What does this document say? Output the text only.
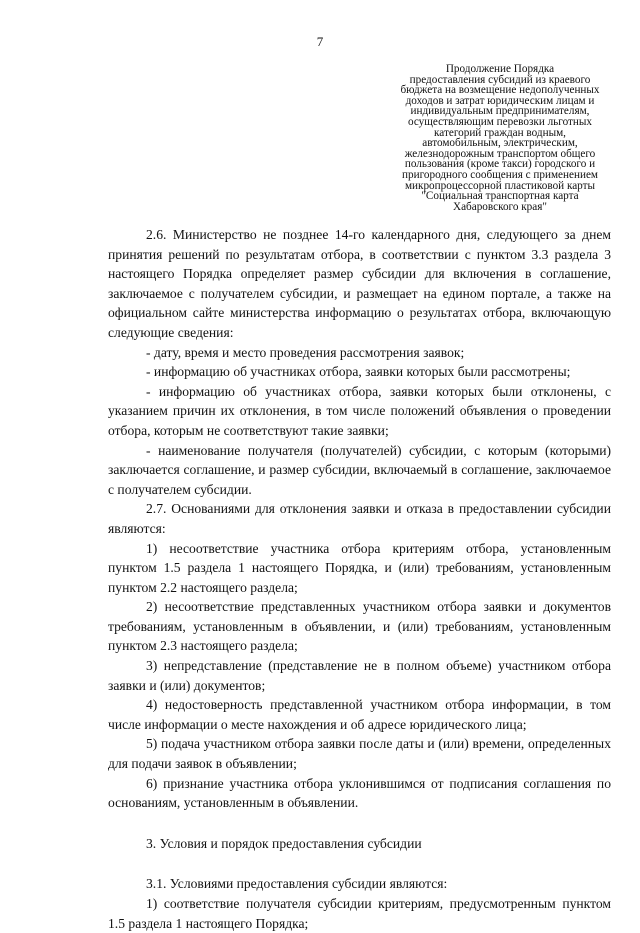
7
Продолжение Порядка
предоставления субсидий из краевого
бюджета на возмещение недополученных
доходов и затрат юридическим лицам и
индивидуальным предпринимателям,
осуществляющим перевозки льготных
категорий граждан водным,
автомобильным, электрическим,
железнодорожным транспортом общего
пользования (кроме такси) городского и
пригородного сообщения с применением
микропроцессорной пластиковой карты
"Социальная транспортная карта
Хабаровского края"

2.6. Министерство не позднее 14-го календарного дня, следующего за днем принятия решений по результатам отбора, в соответствии с пунктом 3.3 раздела 3 настоящего Порядка определяет размер субсидии для включения в соглашение, заключаемое с получателем субсидии, и размещает на едином портале, а также на официальном сайте министерства информацию о результатах отбора, включающую следующие сведения:

- дату, время и место проведения рассмотрения заявок;

- информацию об участниках отбора, заявки которых были рассмотрены;

- информацию об участниках отбора, заявки которых были отклонены, с указанием причин их отклонения, в том числе положений объявления о проведении отбора, которым не соответствуют такие заявки;

- наименование получателя (получателей) субсидии, с которым (которыми) заключается соглашение, и размер субсидии, включаемый в соглашение, заключаемое с получателем субсидии.

2.7. Основаниями для отклонения заявки и отказа в предоставлении субсидии являются:

1) несоответствие участника отбора критериям отбора, установленным пунктом 1.5 раздела 1 настоящего Порядка, и (или) требованиям, установленным пунктом 2.2 настоящего раздела;

2) несоответствие представленных участником отбора заявки и документов требованиям, установленным в объявлении, и (или) требованиям, установленным пунктом 2.3 настоящего раздела;

3) непредставление (представление не в полном объеме) участником отбора заявки и (или) документов;

4) недостоверность представленной участником отбора информации, в том числе информации о месте нахождения и об адресе юридического лица;

5) подача участником отбора заявки после даты и (или) времени, определенных для подачи заявок в объявлении;

6) признание участника отбора уклонившимся от подписания соглашения по основаниям, установленным в объявлении.

3. Условия и порядок предоставления субсидии

3.1. Условиями предоставления субсидии являются:

1) соответствие получателя субсидии критериям, предусмотренным пунктом 1.5 раздела 1 настоящего Порядка;
